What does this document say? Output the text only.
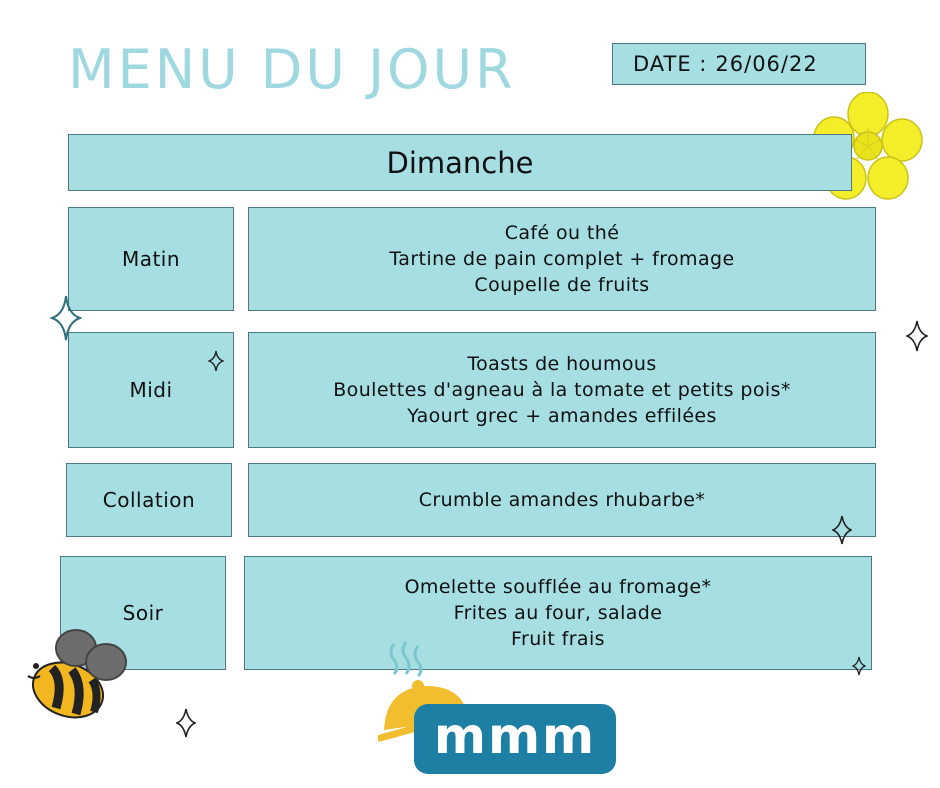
MENU DU JOUR	DATE : 26/06/22
Dimanche
Matin
Café ou thé
Tartine de pain complet + fromage
Coupelle de fruits
Midi
Toasts de houmous
Boulettes d'agneau à la tomate et petits pois*
Yaourt grec + amandes effilées
Collation	Crumble amandes rhubarbe*
Soir
Omelette soufflée au fromage*
Frites au four, salade
Fruit frais
mmm
